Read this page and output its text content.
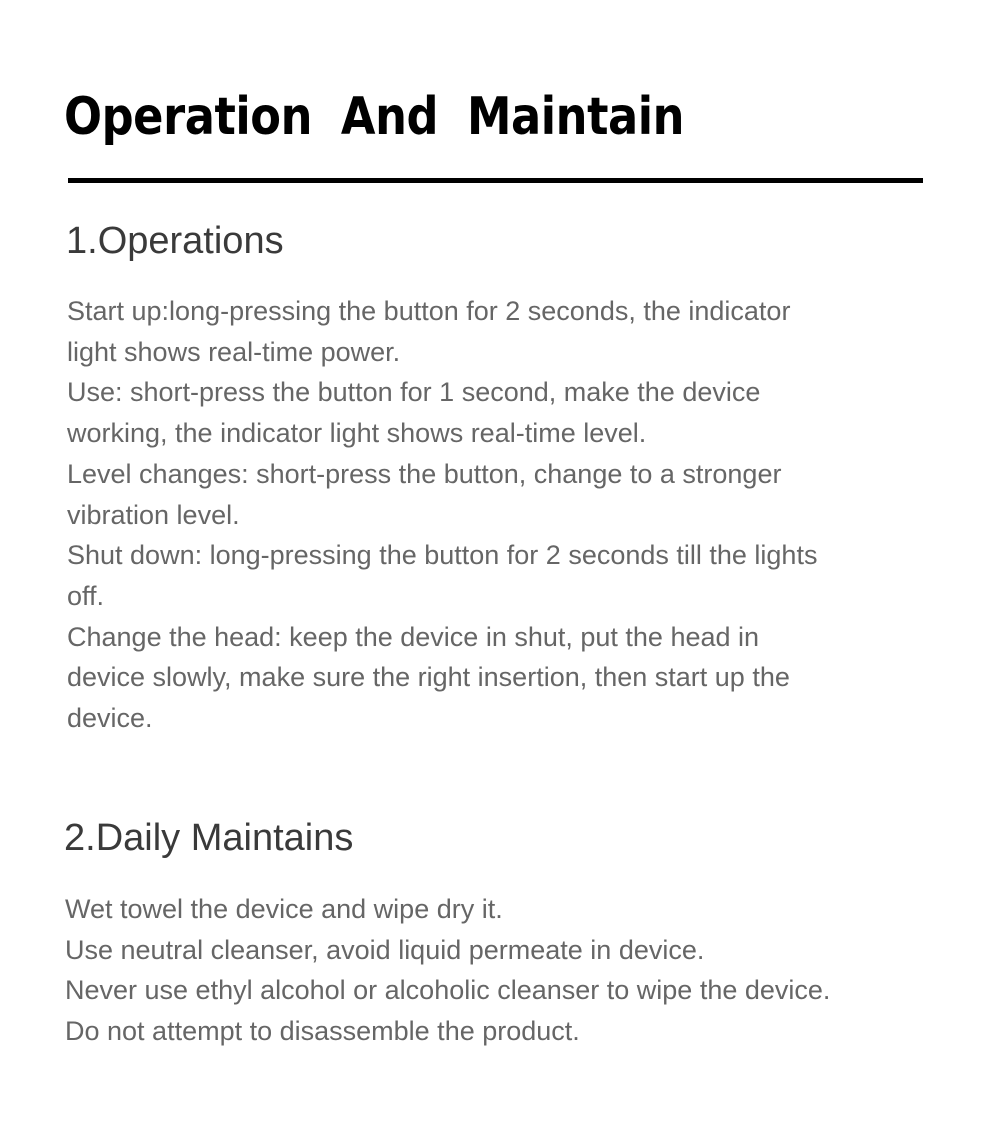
Operation And Maintain
1.Operations
Start up:long-pressing the button for 2 seconds, the indicator
light shows real-time power.
Use: short-press the button for 1 second, make the device
working, the indicator light shows real-time level.
Level changes: short-press the button, change to a stronger
vibration level.
Shut down: long-pressing the button for 2 seconds till the lights
off.
Change the head: keep the device in shut, put the head in
device slowly, make sure the right insertion, then start up the
device.
2.Daily Maintains
Wet towel the device and wipe dry it.
Use neutral cleanser, avoid liquid permeate in device.
Never use ethyl alcohol or alcoholic cleanser to wipe the device.
Do not attempt to disassemble the product.
